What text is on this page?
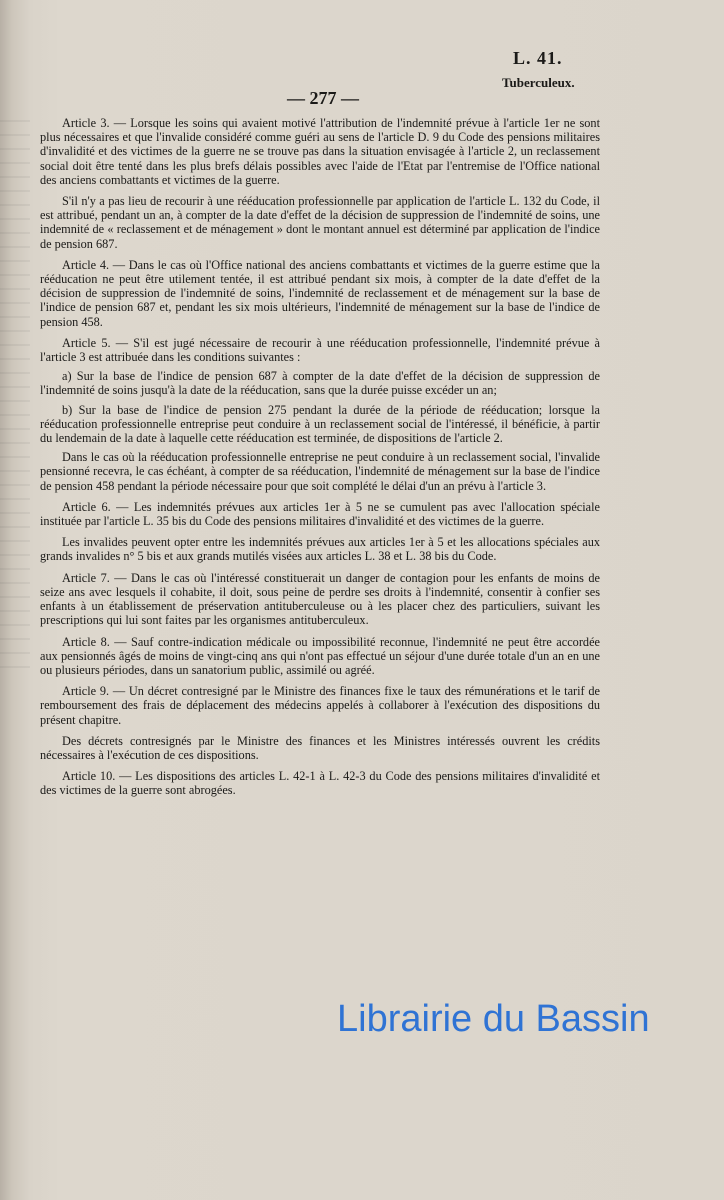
L. 41.
Tuberculeux.
— 277 —

Article 3. — Lorsque les soins qui avaient motivé l'attribution de l'indemnité prévue à l'article 1er ne sont plus nécessaires et que l'invalide considéré comme guéri au sens de l'article D. 9 du Code des pensions militaires d'invalidité et des victimes de la guerre ne se trouve pas dans la situation envisagée à l'article 2, un reclassement social doit être tenté dans les plus brefs délais possibles avec l'aide de l'Etat par l'entremise de l'Office national des anciens combattants et victimes de la guerre.

S'il n'y a pas lieu de recourir à une rééducation professionnelle par application de l'article L. 132 du Code, il est attribué, pendant un an, à compter de la date d'effet de la décision de suppression de l'indemnité de soins, une indemnité de « reclassement et de ménagement » dont le montant annuel est déterminé par application de l'indice de pension 687.

Article 4. — Dans le cas où l'Office national des anciens combattants et victimes de la guerre estime que la rééducation ne peut être utilement tentée, il est attribué pendant six mois, à compter de la date d'effet de la décision de suppression de l'indemnité de soins, l'indemnité de reclassement et de ménagement sur la base de l'indice de pension 687 et, pendant les six mois ultérieurs, l'indemnité de ménagement sur la base de l'indice de pension 458.

Article 5. — S'il est jugé nécessaire de recourir à une rééducation professionnelle, l'indemnité prévue à l'article 3 est attribuée dans les conditions suivantes :

a) Sur la base de l'indice de pension 687 à compter de la date d'effet de la décision de suppression de l'indemnité de soins jusqu'à la date de la rééducation, sans que la durée puisse excéder un an;

b) Sur la base de l'indice de pension 275 pendant la durée de la période de rééducation; lorsque la rééducation professionnelle entreprise peut conduire à un reclassement social de l'intéressé, il bénéficie, à partir du lendemain de la date à laquelle cette rééducation est terminée, de dispositions de l'article 2.

Dans le cas où la rééducation professionnelle entreprise ne peut conduire à un reclassement social, l'invalide pensionné recevra, le cas échéant, à compter de sa rééducation, l'indemnité de ménagement sur la base de l'indice de pension 458 pendant la période nécessaire pour que soit complété le délai d'un an prévu à l'article 3.

Article 6. — Les indemnités prévues aux articles 1er à 5 ne se cumulent pas avec l'allocation spéciale instituée par l'article L. 35 bis du Code des pensions militaires d'invalidité et des victimes de la guerre.

Les invalides peuvent opter entre les indemnités prévues aux articles 1er à 5 et les allocations spéciales aux grands invalides n° 5 bis et aux grands mutilés visées aux articles L. 38 et L. 38 bis du Code.

Article 7. — Dans le cas où l'intéressé constituerait un danger de contagion pour les enfants de moins de seize ans avec lesquels il cohabite, il doit, sous peine de perdre ses droits à l'indemnité, consentir à confier ses enfants à un établissement de préservation antituberculeuse ou à les placer chez des particuliers, suivant les prescriptions qui lui sont faites par les organismes antituberculeux.

Article 8. — Sauf contre-indication médicale ou impossibilité reconnue, l'indemnité ne peut être accordée aux pensionnés âgés de moins de vingt-cinq ans qui n'ont pas effectué un séjour d'une durée totale d'un an en une ou plusieurs périodes, dans un sanatorium public, assimilé ou agréé.

Article 9. — Un décret contresigné par le Ministre des finances fixe le taux des rémunérations et le tarif de remboursement des frais de déplacement des médecins appelés à collaborer à l'exécution des dispositions du présent chapitre.

Des décrets contresignés par le Ministre des finances et les Ministres intéressés ouvrent les crédits nécessaires à l'exécution de ces dispositions.

Article 10. — Les dispositions des articles L. 42-1 à L. 42-3 du Code des pensions militaires d'invalidité et des victimes de la guerre sont abrogées.

Librairie du Bassin
